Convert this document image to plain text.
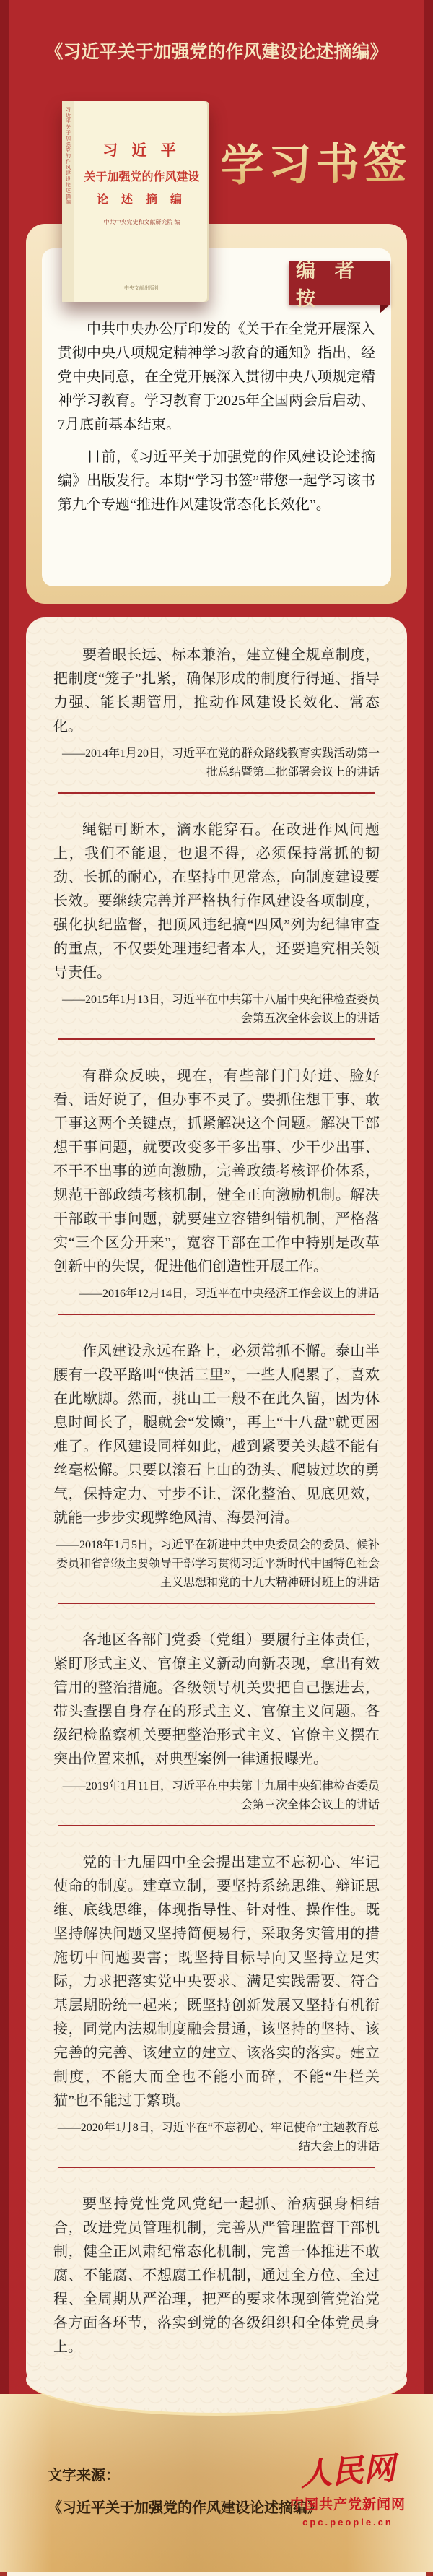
《习近平关于加强党的作风建设论述摘编》
习近平关于加强党的作风建设论述摘编	习 近 平

关于加强党的作风建设

论 述 摘 编

中共中央党史和文献研究院 编

中央文献出版社
学习书签
编 者 按

中共中央办公厅印发的《关于在全党开展深入贯彻中央八项规定精神学习教育的通知》指出，经党中央同意，在全党开展深入贯彻中央八项规定精神学习教育。学习教育于2025年全国两会后启动、7月底前基本结束。

日前，《习近平关于加强党的作风建设论述摘编》出版发行。本期“学习书签”带您一起学习该书第九个专题“推进作风建设常态化长效化”。

要着眼长远、标本兼治，建立健全规章制度，把制度“笼子”扎紧，确保形成的制度行得通、指导力强、能长期管用，推动作风建设长效化、常态化。

——2014年1月20日，习近平在党的群众路线教育实践活动第一批总结暨第二批部署会议上的讲话

绳锯可断木，滴水能穿石。在改进作风问题上，我们不能退，也退不得，必须保持常抓的韧劲、长抓的耐心，在坚持中见常态，向制度建设要长效。要继续完善并严格执行作风建设各项制度，强化执纪监督，把顶风违纪搞“四风”列为纪律审查的重点，不仅要处理违纪者本人，还要追究相关领导责任。

——2015年1月13日，习近平在中共第十八届中央纪律检查委员会第五次全体会议上的讲话

有群众反映，现在，有些部门门好进、脸好看、话好说了，但办事不灵了。要抓住想干事、敢干事这两个关键点，抓紧解决这个问题。解决干部想干事问题，就要改变多干多出事、少干少出事、不干不出事的逆向激励，完善政绩考核评价体系，规范干部政绩考核机制，健全正向激励机制。解决干部敢干事问题，就要建立容错纠错机制，严格落实“三个区分开来”，宽容干部在工作中特别是改革创新中的失误，促进他们创造性开展工作。

——2016年12月14日，习近平在中央经济工作会议上的讲话

作风建设永远在路上，必须常抓不懈。泰山半腰有一段平路叫“快活三里”，一些人爬累了，喜欢在此歇脚。然而，挑山工一般不在此久留，因为休息时间长了，腿就会“发懒”，再上“十八盘”就更困难了。作风建设同样如此，越到紧要关头越不能有丝毫松懈。只要以滚石上山的劲头、爬坡过坎的勇气，保持定力、寸步不让，深化整治、见底见效，就能一步步实现弊绝风清、海晏河清。

——2018年1月5日，习近平在新进中共中央委员会的委员、候补委员和省部级主要领导干部学习贯彻习近平新时代中国特色社会主义思想和党的十九大精神研讨班上的讲话

各地区各部门党委（党组）要履行主体责任，紧盯形式主义、官僚主义新动向新表现，拿出有效管用的整治措施。各级领导机关要把自己摆进去，带头查摆自身存在的形式主义、官僚主义问题。各级纪检监察机关要把整治形式主义、官僚主义摆在突出位置来抓，对典型案例一律通报曝光。

——2019年1月11日，习近平在中共第十九届中央纪律检查委员会第三次全体会议上的讲话

党的十九届四中全会提出建立不忘初心、牢记使命的制度。建章立制，要坚持系统思维、辩证思维、底线思维，体现指导性、针对性、操作性。既坚持解决问题又坚持简便易行，采取务实管用的措施切中问题要害；既坚持目标导向又坚持立足实际，力求把落实党中央要求、满足实践需要、符合基层期盼统一起来；既坚持创新发展又坚持有机衔接，同党内法规制度融会贯通，该坚持的坚持、该完善的完善、该建立的建立、该落实的落实。建立制度，不能大而全也不能小而碎，不能“牛栏关猫”也不能过于繁琐。

——2020年1月8日，习近平在“不忘初心、牢记使命”主题教育总结大会上的讲话

要坚持党性党风党纪一起抓、治病强身相结合，改进党员管理机制，完善从严管理监督干部机制，健全正风肃纪常态化机制，完善一体推进不敢腐、不能腐、不想腐工作机制，通过全方位、全过程、全周期从严治理，把严的要求体现到管党治党各方面各环节，落实到党的各级组织和全体党员身上。

文字来源：

《习近平关于加强党的作风建设论述摘编》

人民网
中国共产党新闻网
cpc.people.cn
